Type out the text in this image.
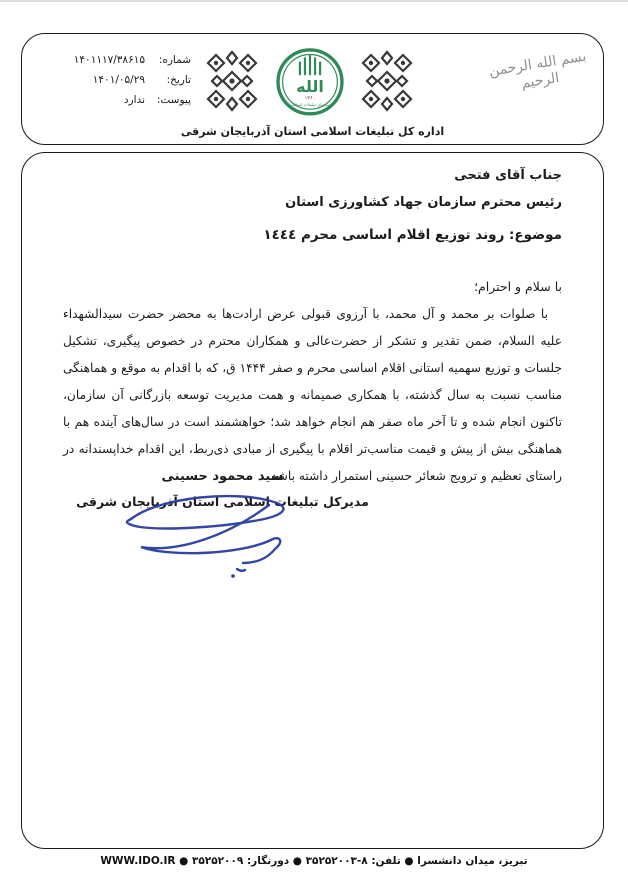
بسم الله الرحمن الرحیم
الله
۱۳۶۰
سازمان تبلیغات اسلامی
شماره:
۱۴۰۱۱۱۷/۳۸۶۱۵
تاریخ:
۱۴۰۱/۰۵/۲۹
پیوست:
ندارد
اداره کل تبلیغات اسلامی استان آذربایجان شرقی
جناب آقای فتحی
رئیس محترم سازمان جهاد کشاورزی استان
موضوع: روند توزیع اقلام اساسی محرم ١٤٤٤
با سلام و احترام؛
با صلوات بر محمد و آل محمد، با آرزوی قبولی عرض ارادت‌ها به محضر حضرت سیدالشهداء علیه السلام، ضمن تقدیر و تشکر از حضرت‌عالی و همکاران محترم در خصوص پیگیری، تشکیل جلسات و توزیع سهمیه استانی اقلام اساسی محرم و صفر ۱۴۴۴ ق، که با اقدام به موقع و هماهنگی مناسب نسبت به سال گذشته، با همکاری صمیمانه و همت مدیریت توسعه بازرگانی آن سازمان، تاکنون انجام شده و تا آخر ماه صفر هم انجام خواهد شد؛ خواهشمند است در سال‌های آینده هم با هماهنگی بیش از پیش و قیمت مناسب‌تر اقلام با پیگیری از مبادی ذی‌ربط، این اقدام خداپسندانه در راستای تعظیم و ترویج شعائر حسینی استمرار داشته باشد.
سید محمود حسینی
مدیرکل تبلیغات اسلامی استان آذربایجان شرقی
تبریز، میدان دانشسرا ● تلفن: ۸-۳۵۲۵۲۰۰۳ ● دورنگار: ۳۵۲۵۲۰۰۹ ● WWW.IDO.IR
